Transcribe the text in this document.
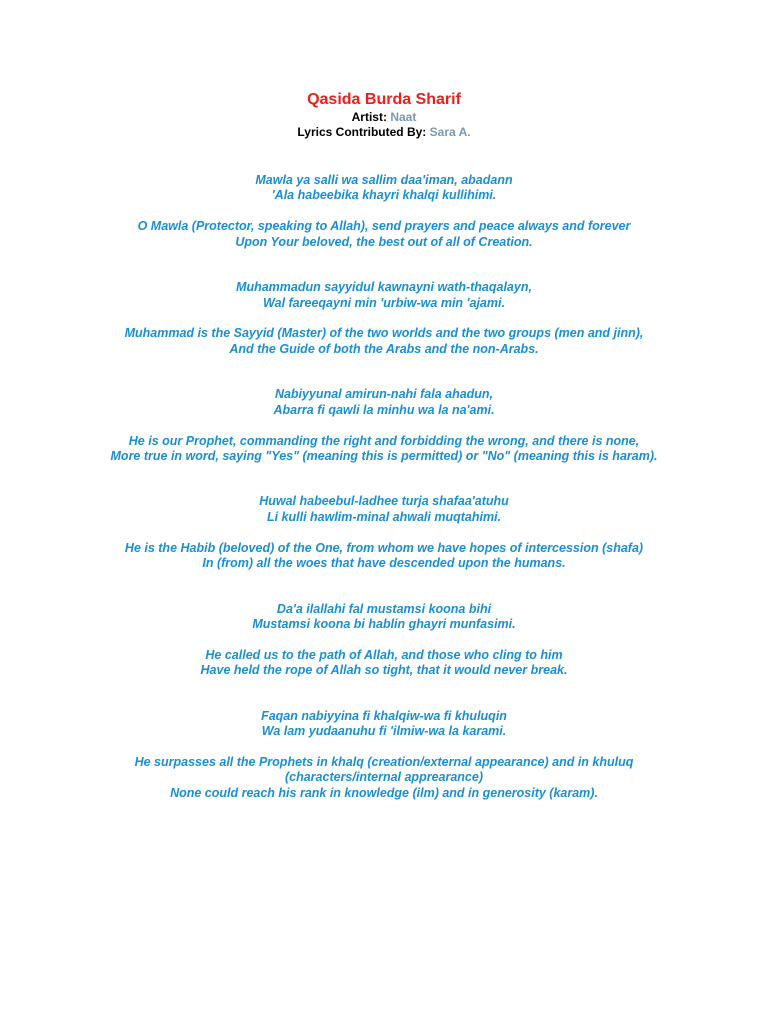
Qasida Burda Sharif
Artist: Naat
Lyrics Contributed By: Sara A.

Mawla ya salli wa sallim daa'iman, abadann
'Ala habeebika khayri khalqi kullihimi.

O Mawla (Protector, speaking to Allah), send prayers and peace always and forever
Upon Your beloved, the best out of all of Creation.

Muhammadun sayyidul kawnayni wath-thaqalayn,
Wal fareeqayni min 'urbiw-wa min 'ajami.

Muhammad is the Sayyid (Master) of the two worlds and the two groups (men and jinn),
And the Guide of both the Arabs and the non-Arabs.

Nabiyyunal amirun-nahi fala ahadun,
Abarra fi qawli la minhu wa la na'ami.

He is our Prophet, commanding the right and forbidding the wrong, and there is none,
More true in word, saying "Yes" (meaning this is permitted) or "No" (meaning this is haram).

Huwal habeebul-ladhee turja shafaa'atuhu
Li kulli hawlim-minal ahwali muqtahimi.

He is the Habib (beloved) of the One, from whom we have hopes of intercession (shafa)
In (from) all the woes that have descended upon the humans.

Da'a ilallahi fal mustamsi koona bihi
Mustamsi koona bi hablin ghayri munfasimi.

He called us to the path of Allah, and those who cling to him
Have held the rope of Allah so tight, that it would never break.

Faqan nabiyyina fi khalqiw-wa fi khuluqin
Wa lam yudaanuhu fi 'ilmiw-wa la karami.

He surpasses all the Prophets in khalq (creation/external appearance) and in khuluq (characters/internal apprearance)
None could reach his rank in knowledge (ilm) and in generosity (karam).
